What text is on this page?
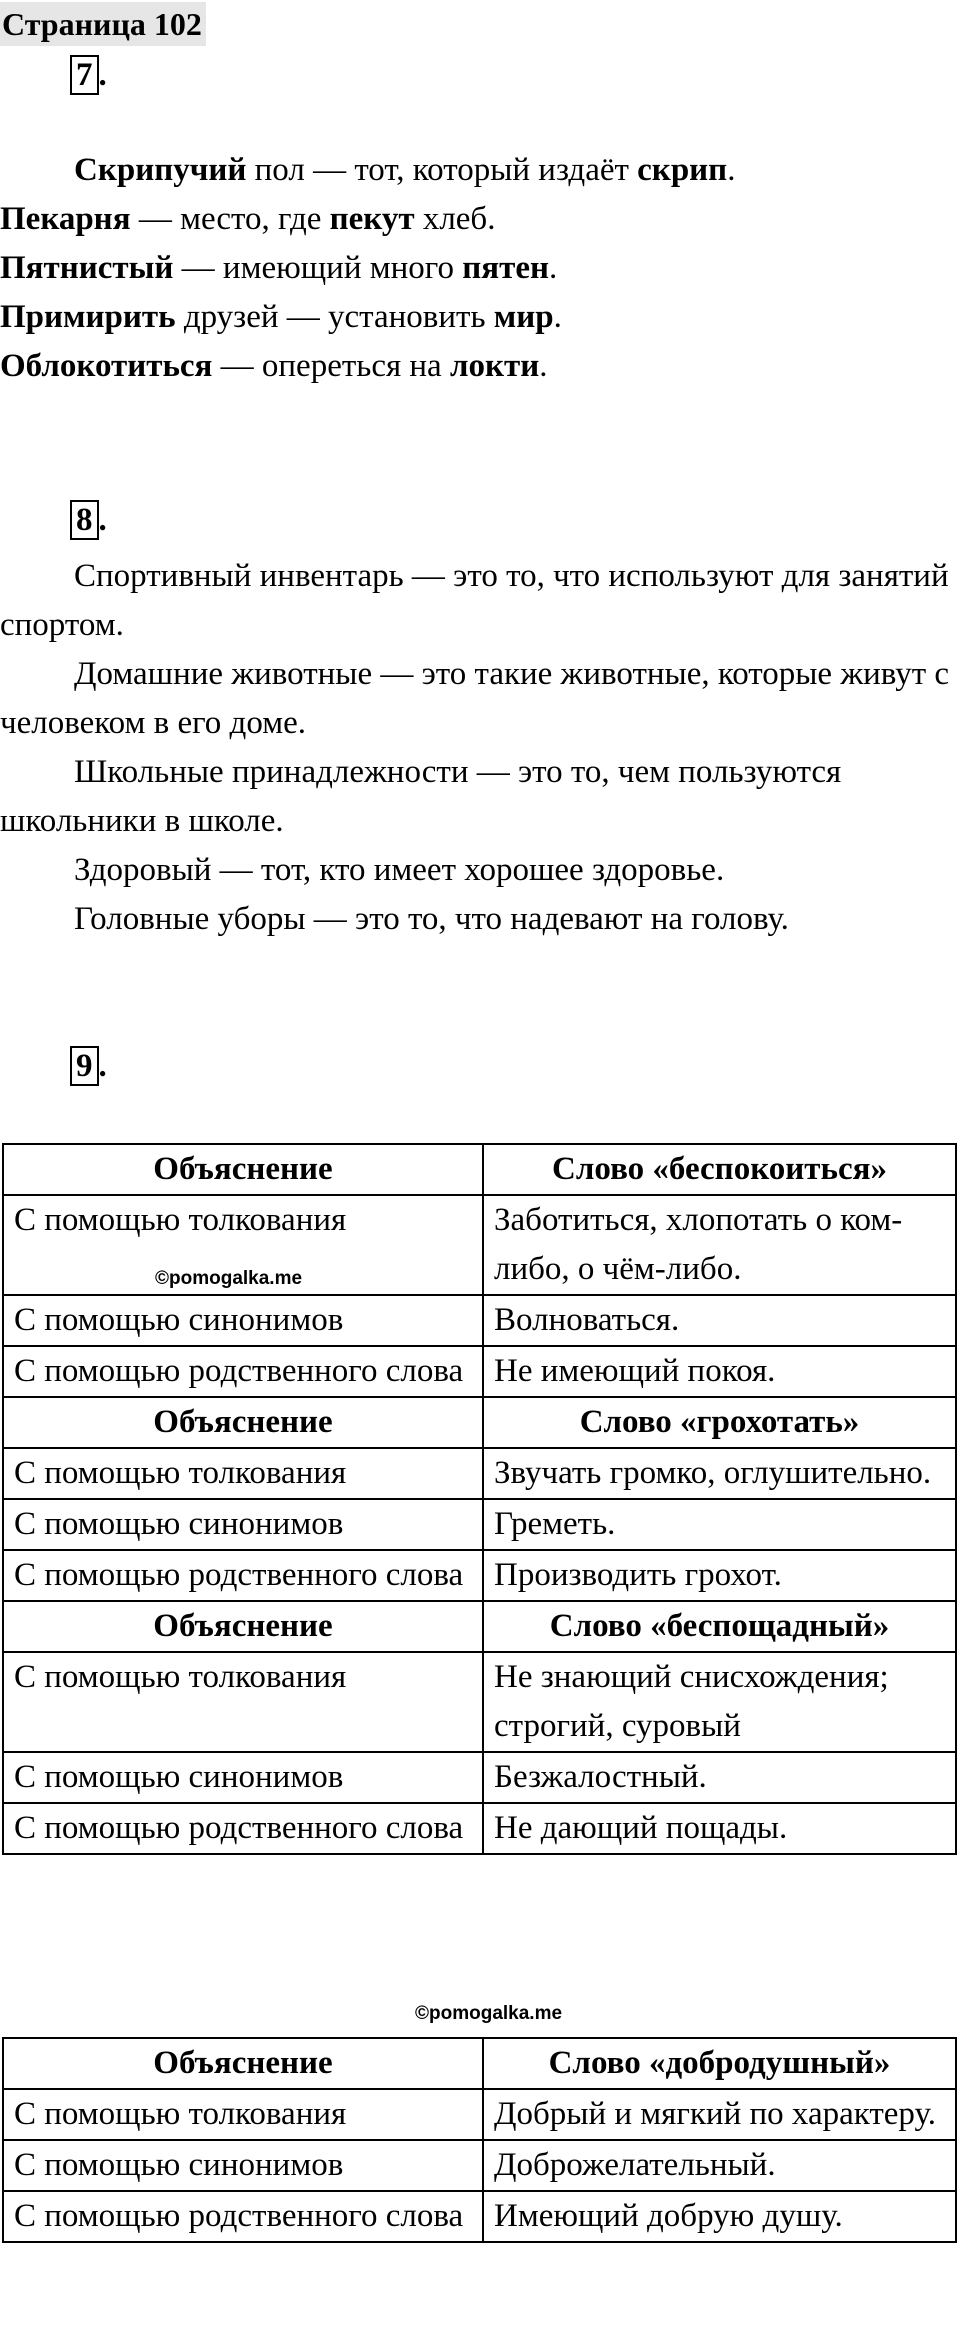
Страница 102
7 .

Скрипучий пол — тот, который издаёт скрип.

Пекарня — место, где пекут хлеб.

Пятнистый — имеющий много пятен.

Примирить друзей — установить мир.

Облокотиться — опереться на локти.

8 .

Спортивный инвентарь — это то, что используют для занятий спортом.

Домашние животные — это такие животные, которые живут с человеком в его доме.

Школьные принадлежности — это то, чем пользуются школьники в школе.

Здоровый — тот, кто имеет хорошее здоровье.

Головные уборы — это то, что надевают на голову.

9 .
Объяснение	Слово «беспокоиться»
С помощью толкования	Заботиться, хлопотать о ком-либо, о чём-либо.
С помощью синонимов	Волноваться.
С помощью родственного слова	Не имеющий покоя.
Объяснение	Слово «грохотать»
С помощью толкования	Звучать громко, оглушительно.
С помощью синонимов	Греметь.
С помощью родственного слова	Производить грохот.
Объяснение	Слово «беспощадный»
С помощью толкования	Не знающий снисхождения; строгий, суровый
С помощью синонимов	Безжалостный.
С помощью родственного слова	Не дающий пощады.
Объяснение	Слово «добродушный»
С помощью толкования	Добрый и мягкий по характеру.
С помощью синонимов	Доброжелательный.
С помощью родственного слова	Имеющий добрую душу.
©pomogalka.me
©pomogalka.me
